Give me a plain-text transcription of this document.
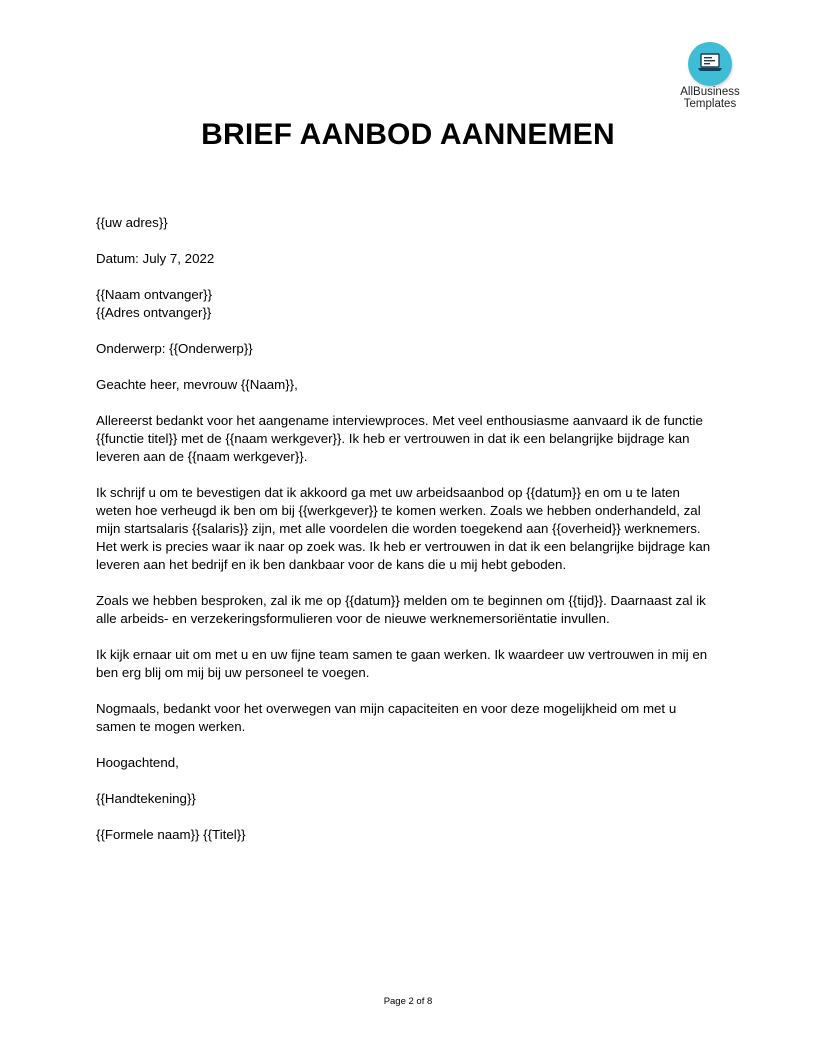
AllBusiness
Templates
BRIEF AANBOD AANNEMEN

{{uw adres}}

Datum: July 7, 2022

{{Naam ontvanger}}
{{Adres ontvanger}}

Onderwerp: {{Onderwerp}}

Geachte heer, mevrouw {{Naam}},

Allereerst bedankt voor het aangename interviewproces. Met veel enthousiasme aanvaard ik de functie
{{functie titel}} met de {{naam werkgever}}. Ik heb er vertrouwen in dat ik een belangrijke bijdrage kan
leveren aan de {{naam werkgever}}.

Ik schrijf u om te bevestigen dat ik akkoord ga met uw arbeidsaanbod op {{datum}} en om u te laten
weten hoe verheugd ik ben om bij {{werkgever}} te komen werken. Zoals we hebben onderhandeld, zal
mijn startsalaris {{salaris}} zijn, met alle voordelen die worden toegekend aan {{overheid}} werknemers.
Het werk is precies waar ik naar op zoek was. Ik heb er vertrouwen in dat ik een belangrijke bijdrage kan
leveren aan het bedrijf en ik ben dankbaar voor de kans die u mij hebt geboden.

Zoals we hebben besproken, zal ik me op {{datum}} melden om te beginnen om {{tijd}}. Daarnaast zal ik
alle arbeids- en verzekeringsformulieren voor de nieuwe werknemersoriëntatie invullen.

Ik kijk ernaar uit om met u en uw fijne team samen te gaan werken. Ik waardeer uw vertrouwen in mij en
ben erg blij om mij bij uw personeel te voegen.

Nogmaals, bedankt voor het overwegen van mijn capaciteiten en voor deze mogelijkheid om met u
samen te mogen werken.

Hoogachtend,

{{Handtekening}}

{{Formele naam}} {{Titel}}

Page 2 of 8
